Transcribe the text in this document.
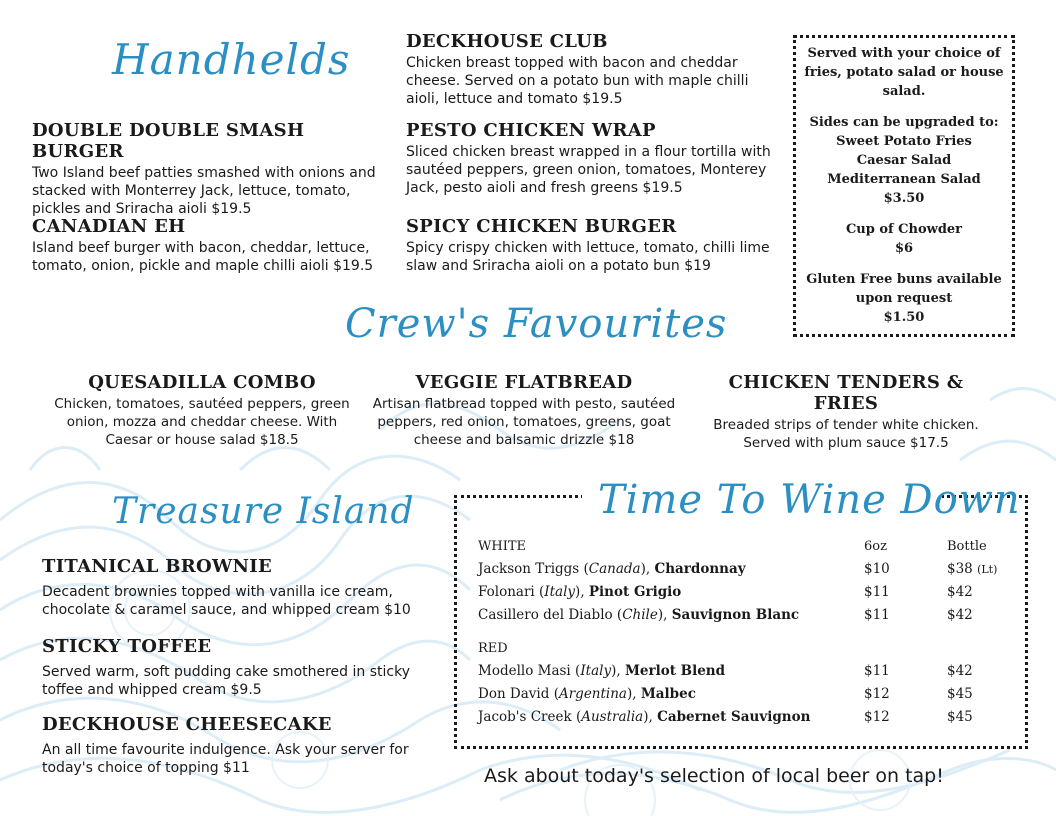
Handhelds
DOUBLE DOUBLE SMASH BURGER

Two Island beef patties smashed with onions and stacked with Monterrey Jack, lettuce, tomato, pickles and Sriracha aioli $19.5

CANADIAN EH

Island beef burger with bacon, cheddar, lettuce, tomato, onion, pickle and maple chilli aioli $19.5

DECKHOUSE CLUB

Chicken breast topped with bacon and cheddar cheese. Served on a potato bun with maple chilli aioli, lettuce and tomato $19.5

PESTO CHICKEN WRAP

Sliced chicken breast wrapped in a flour tortilla with sautéed peppers, green onion, tomatoes, Monterey Jack, pesto aioli and fresh greens $19.5

SPICY CHICKEN BURGER

Spicy crispy chicken with lettuce, tomato, chilli lime slaw and Sriracha aioli on a potato bun $19

Served with your choice of fries, potato salad or house salad.

Sides can be upgraded to:
Sweet Potato Fries
Caesar Salad
Mediterranean Salad
$3.50

Cup of Chowder
$6

Gluten Free buns available upon request
$1.50

Crew's Favourites
QUESADILLA COMBO

Chicken, tomatoes, sautéed peppers, green onion, mozza and cheddar cheese. With Caesar or house salad $18.5

VEGGIE FLATBREAD

Artisan flatbread topped with pesto, sautéed peppers, red onion, tomatoes, greens, goat cheese and balsamic drizzle $18

CHICKEN TENDERS & FRIES

Breaded strips of tender white chicken. Served with plum sauce $17.5

Treasure Island
TITANICAL BROWNIE

Decadent brownies topped with vanilla ice cream, chocolate & caramel sauce, and whipped cream $10

STICKY TOFFEE

Served warm, soft pudding cake smothered in sticky toffee and whipped cream $9.5

DECKHOUSE CHEESECAKE

An all time favourite indulgence. Ask your server for today's choice of topping $11

Time To Wine Down
WHITE	6oz	Bottle
Jackson Triggs (Canada), Chardonnay	$10	$38 (Lt)
Folonari (Italy), Pinot Grigio	$11	$42
Casillero del Diablo (Chile), Sauvignon Blanc	$11	$42
RED
Modello Masi (Italy), Merlot Blend	$11	$42
Don David (Argentina), Malbec	$12	$45
Jacob's Creek (Australia), Cabernet Sauvignon	$12	$45
Ask about today's selection of local beer on tap!
